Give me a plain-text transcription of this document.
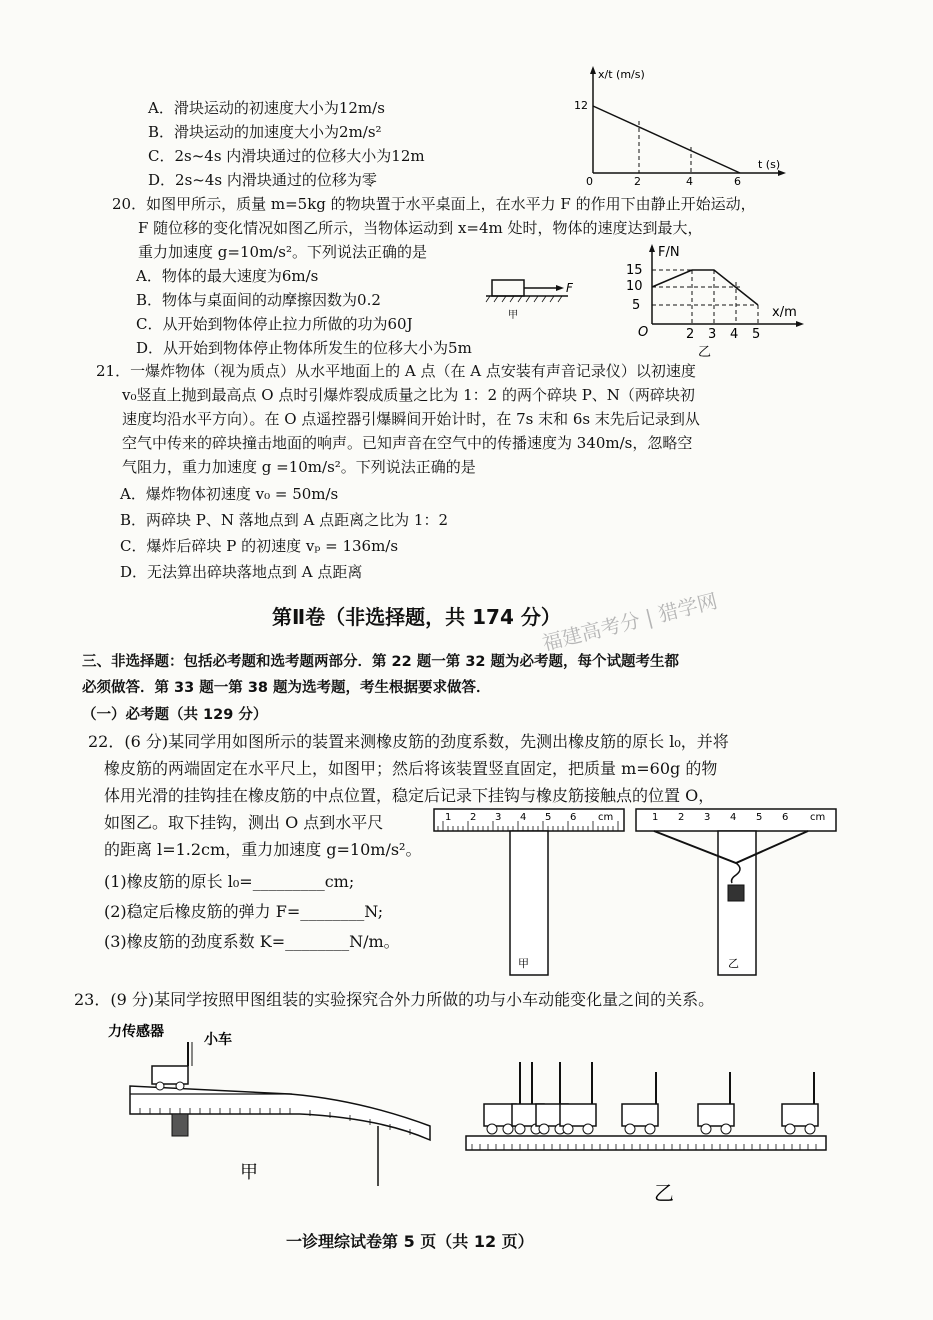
A．滑块运动的初速度大小为12m/s
B．滑块运动的加速度大小为2m/s²
C．2s~4s 内滑块通过的位移大小为12m
D．2s~4s 内滑块通过的位移为零
x/t (m/s)
t (s)
12
0	2	4	6
20．如图甲所示，质量 m=5kg 的物块置于水平桌面上，在水平力 F 的作用下由静止开始运动，
F 随位移的变化情况如图乙所示，当物体运动到 x=4m 处时，物体的速度达到最大，
重力加速度 g=10m/s²。下列说法正确的是
A．物体的最大速度为6m/s
B．物体与桌面间的动摩擦因数为0.2
C．从开始到物体停止拉力所做的功为60J
D．从开始到物体停止物体所发生的位移大小为5m
F
甲
F/N
x/m
O
15
10
5
2 3 4 5
乙
21．一爆炸物体（视为质点）从水平地面上的 A 点（在 A 点安装有声音记录仪）以初速度
v₀竖直上抛到最高点 O 点时引爆炸裂成质量之比为 1：2 的两个碎块 P、N（两碎块初
速度均沿水平方向）。在 O 点遥控器引爆瞬间开始计时，在 7s 末和 6s 末先后记录到从
空气中传来的碎块撞击地面的响声。已知声音在空气中的传播速度为 340m/s，忽略空
气阻力，重力加速度 g =10m/s²。下列说法正确的是
A．爆炸物体初速度 v₀ = 50m/s
B．两碎块 P、N 落地点到 A 点距离之比为 1：2
C．爆炸后碎块 P 的初速度 vₚ = 136m/s
D．无法算出碎块落地点到 A 点距离
第Ⅱ卷（非选择题，共 174 分）
福建高考分 | 猎学网
三、非选择题：包括必考题和选考题两部分．第 22 题一第 32 题为必考题，每个试题考生都
必须做答．第 33 题一第 38 题为选考题，考生根据要求做答．
（一）必考题（共 129 分）
22．(6 分)某同学用如图所示的装置来测橡皮筋的劲度系数，先测出橡皮筋的原长 l₀，并将
橡皮筋的两端固定在水平尺上，如图甲；然后将该装置竖直固定，把质量 m=60g 的物
体用光滑的挂钩挂在橡皮筋的中点位置，稳定后记录下挂钩与橡皮筋接触点的位置 O，
如图乙。取下挂钩，测出 O 点到水平尺
的距离 l=1.2cm，重力加速度 g=10m/s²。
(1)橡皮筋的原长 l₀=_________cm;
(2)稳定后橡皮筋的弹力 F=________N;
(3)橡皮筋的劲度系数 K=________N/m。
1 2 3 4 5 6 cm
甲
1 2 3 4 5 6 cm
乙
23．(9 分)某同学按照甲图组装的实验探究合外力所做的功与小车动能变化量之间的关系。
力传感器	小车
甲
乙
一诊理综试卷第 5 页（共 12 页）
